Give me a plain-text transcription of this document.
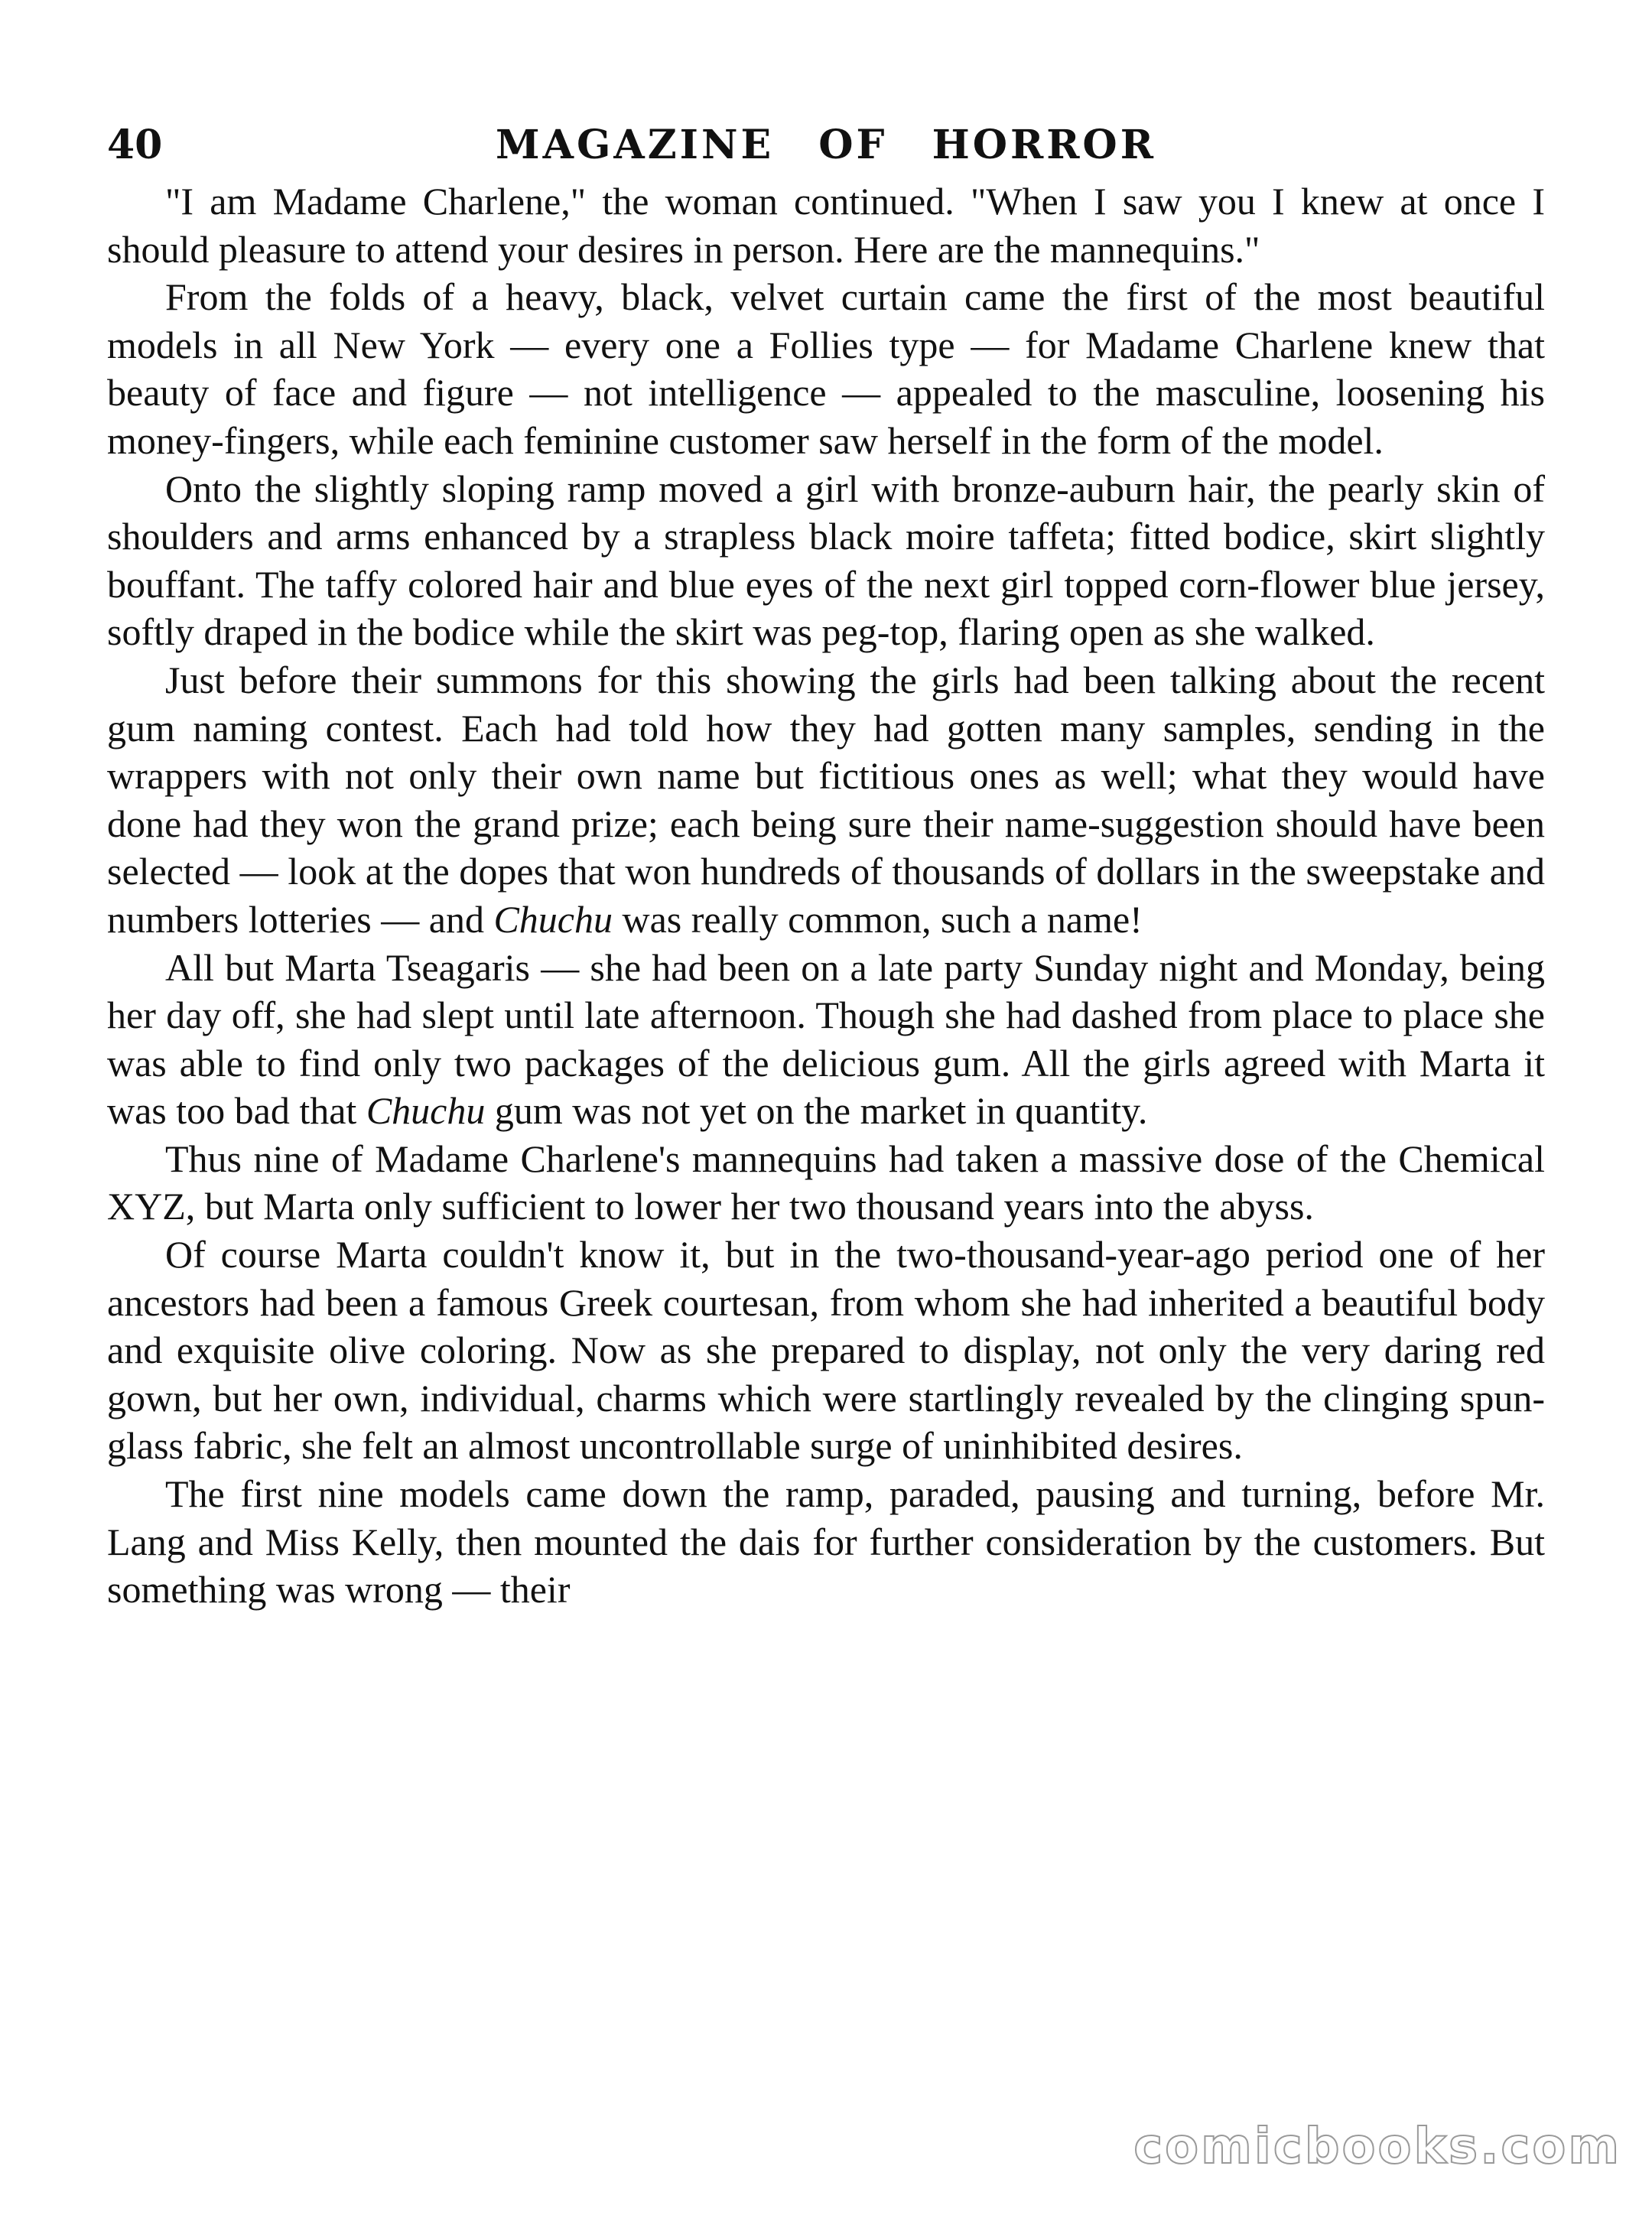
40	MAGAZINE OF HORROR

"I am Madame Charlene," the woman continued. "When I saw you I knew at once I should pleasure to attend your desires in person. Here are the mannequins."

From the folds of a heavy, black, velvet curtain came the first of the most beautiful models in all New York — every one a Follies type — for Madame Charlene knew that beauty of face and figure — not intelligence — appealed to the masculine, loosening his money-fingers, while each feminine customer saw herself in the form of the model.

Onto the slightly sloping ramp moved a girl with bronze-auburn hair, the pearly skin of shoulders and arms enhanced by a strapless black moire taffeta; fitted bodice, skirt slightly bouffant. The taffy colored hair and blue eyes of the next girl topped corn-flower blue jersey, softly draped in the bodice while the skirt was peg-top, flaring open as she walked.

Just before their summons for this showing the girls had been talking about the recent gum naming contest. Each had told how they had gotten many samples, sending in the wrappers with not only their own name but fictitious ones as well; what they would have done had they won the grand prize; each being sure their name-suggestion should have been selected — look at the dopes that won hundreds of thousands of dollars in the sweepstake and numbers lotteries — and Chuchu was really common, such a name!

All but Marta Tseagaris — she had been on a late party Sunday night and Monday, being her day off, she had slept until late afternoon. Though she had dashed from place to place she was able to find only two packages of the delicious gum. All the girls agreed with Marta it was too bad that Chuchu gum was not yet on the market in quantity.

Thus nine of Madame Charlene's mannequins had taken a massive dose of the Chemical XYZ, but Marta only sufficient to lower her two thousand years into the abyss.

Of course Marta couldn't know it, but in the two-thousand-year-ago period one of her ancestors had been a famous Greek courtesan, from whom she had inherited a beautiful body and exquisite olive coloring. Now as she prepared to display, not only the very daring red gown, but her own, individual, charms which were startlingly revealed by the clinging spun-glass fabric, she felt an almost uncontrollable surge of uninhibited desires.

The first nine models came down the ramp, paraded, pausing and turning, before Mr. Lang and Miss Kelly, then mounted the dais for further consideration by the customers. But something was wrong — their

comicbooks.com
